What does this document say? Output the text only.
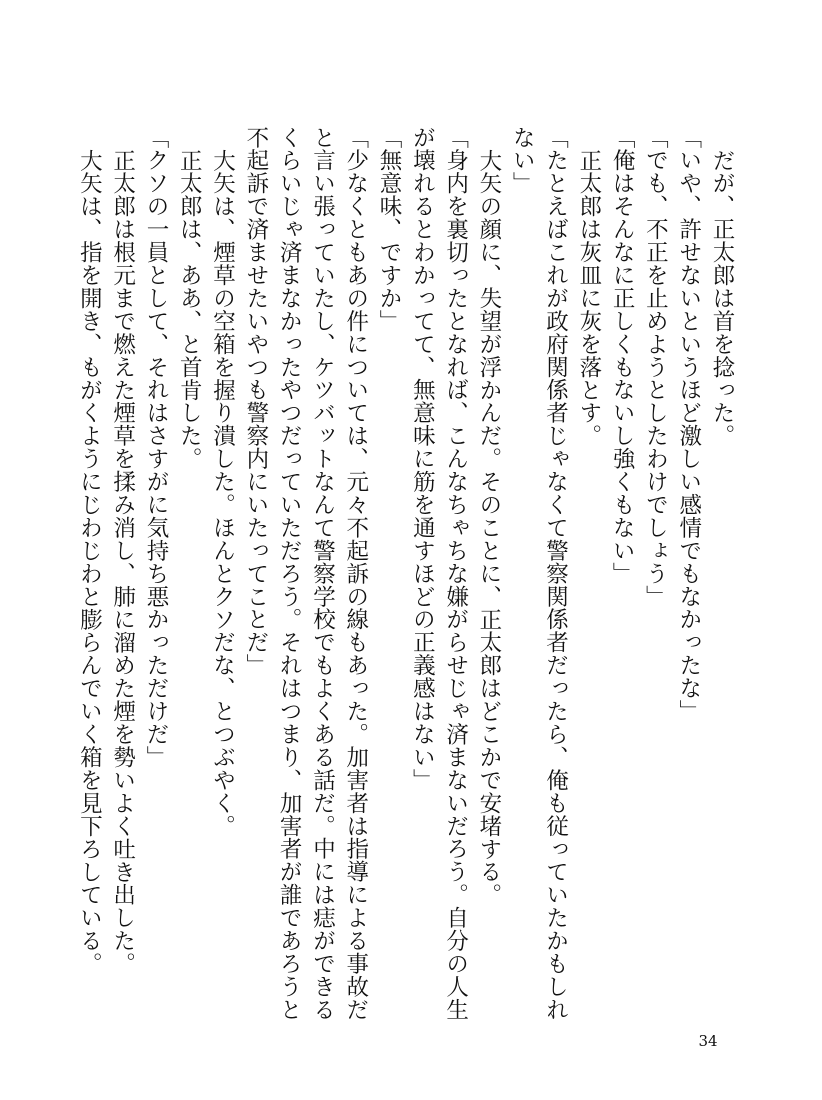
だが、正太郎は首を捻った。

「いや、許せないというほど激しい感情でもなかったな」

「でも、不正を止めようとしたわけでしょう」

「俺はそんなに正しくもないし強くもない」

正太郎は灰皿に灰を落とす。

「たとえばこれが政府関係者じゃなくて警察関係者だったら、俺も従っていたかもしれない」

大矢の顔に、失望が浮かんだ。そのことに、正太郎はどこかで安堵する。

「身内を裏切ったとなれば、こんなちゃちな嫌がらせじゃ済まないだろう。自分の人生が壊れるとわかってて、無意味に筋を通すほどの正義感はない」

「無意味、ですか」

「少なくともあの件については、元々不起訴の線もあった。加害者は指導による事故だと言い張っていたし、ケツバットなんて警察学校でもよくある話だ。中には痣ができるくらいじゃ済まなかったやつだっていただろう。それはつまり、加害者が誰であろうと不起訴で済ませたいやつも警察内にいたってことだ」

大矢は、煙草の空箱を握り潰した。ほんとクソだな、とつぶやく。

正太郎は、ああ、と首肯した。

「クソの一員として、それはさすがに気持ち悪かっただけだ」

正太郎は根元まで燃えた煙草を揉み消し、肺に溜めた煙を勢いよく吐き出した。

大矢は、指を開き、もがくようにじわじわと膨らんでいく箱を見下ろしている。

34
